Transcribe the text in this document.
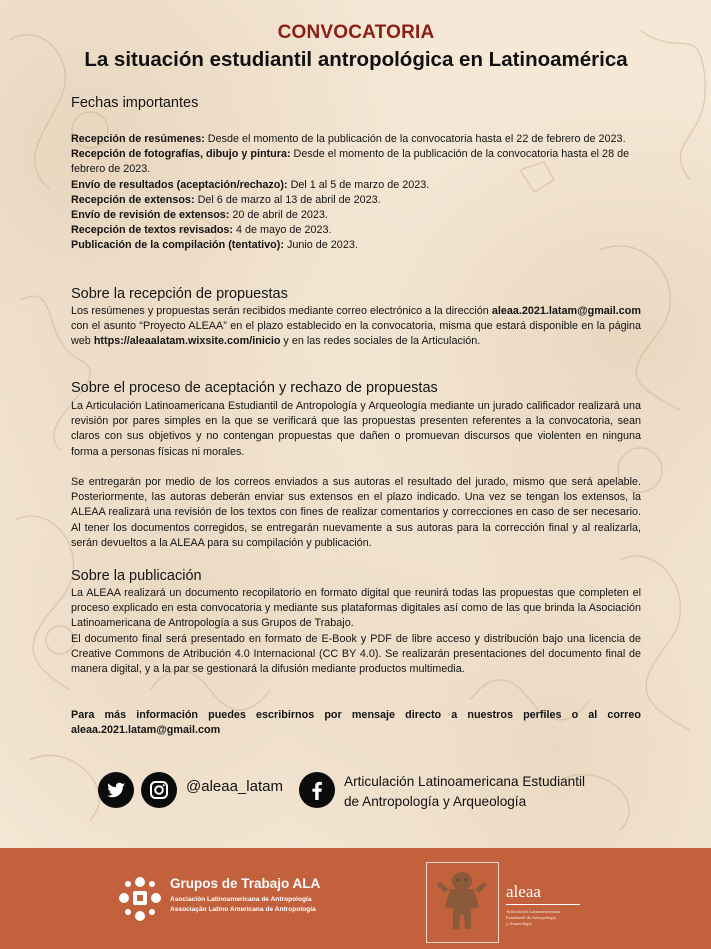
CONVOCATORIA
La situación estudiantil antropológica en Latinoamérica
Fechas importantes

Recepción de resúmenes: Desde el momento de la publicación de la convocatoria hasta el 22 de febrero de 2023.

Recepción de fotografías, dibujo y pintura: Desde el momento de la publicación de la convocatoria hasta el 28 de febrero de 2023.

Envío de resultados (aceptación/rechazo): Del 1 al 5 de marzo de 2023.

Recepción de extensos: Del 6 de marzo al 13 de abril de 2023.

Envío de revisión de extensos: 20 de abril de 2023.

Recepción de textos revisados: 4 de mayo de 2023.

Publicación de la compilación (tentativo): Junio de 2023.

Sobre la recepción de propuestas

Los resúmenes y propuestas serán recibidos mediante correo electrónico a la dirección aleaa.2021.latam@gmail.com con el asunto “Proyecto ALEAA” en el plazo establecido en la convocatoria, misma que estará disponible en la página web https://aleaalatam.wixsite.com/inicio y en las redes sociales de la Articulación.

Sobre el proceso de aceptación y rechazo de propuestas

La Articulación Latinoamericana Estudiantil de Antropología y Arqueología mediante un jurado calificador realizará una revisión por pares simples en la que se verificará que las propuestas presenten referentes a la convocatoria, sean claros con sus objetivos y no contengan propuestas que dañen o promuevan discursos que violenten en ninguna forma a personas físicas ni morales.

Se entregarán por medio de los correos enviados a sus autoras el resultado del jurado, mismo que será apelable. Posteriormente, las autoras deberán enviar sus extensos en el plazo indicado. Una vez se tengan los extensos, la ALEAA realizará una revisión de los textos con fines de realizar comentarios y correcciones en caso de ser necesario. Al tener los documentos corregidos, se entregarán nuevamente a sus autoras para la corrección final y al realizarla, serán devueltos a la ALEAA para su compilación y publicación.

Sobre la publicación

La ALEAA realizará un documento recopilatorio en formato digital que reunirá todas las propuestas que completen el proceso explicado en esta convocatoria y mediante sus plataformas digitales así como de las que brinda la Asociación Latinoamericana de Antropología a sus Grupos de Trabajo.

El documento final será presentado en formato de E-Book y PDF de libre acceso y distribución bajo una licencia de Creative Commons de Atribución 4.0 Internacional (CC BY 4.0). Se realizarán presentaciones del documento final de manera digital, y a la par se gestionará la difusión mediante productos multimedia.

Para más información puedes escribirnos por mensaje directo a nuestros perfiles o al correo aleaa.2021.latam@gmail.com

@aleaa_latam	Articulación Latinoamericana Estudiantil
de Antropología y Arqueología
Grupos de Trabajo ALA
Asociación Latinoamericana de Antropología
Associação Latino Americana de Antropologia
aleaa
Articulación Latinoamericana
Estudiantil de Antropología
y Arqueología
